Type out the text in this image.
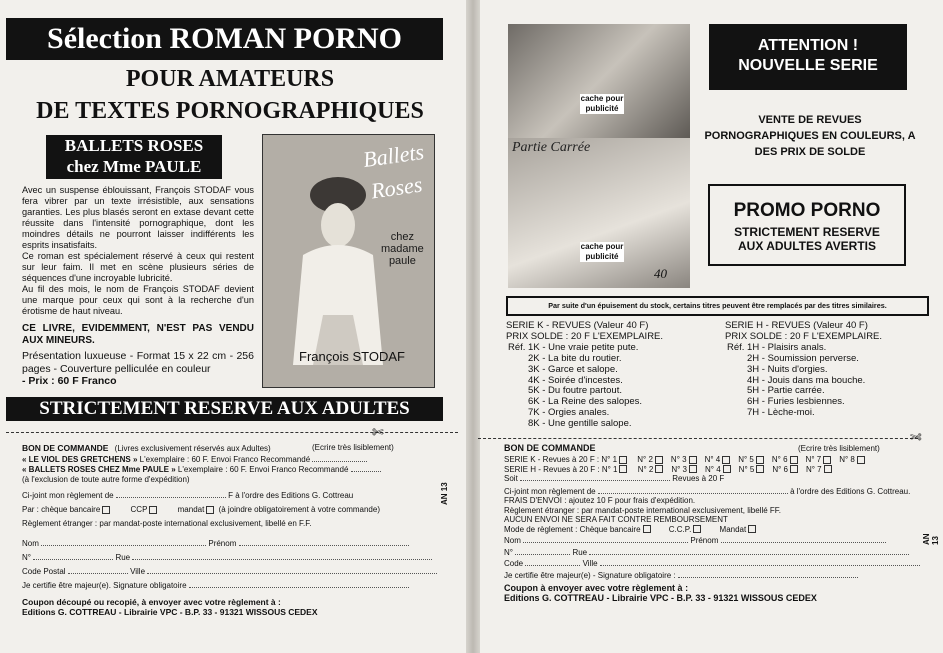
Sélection ROMAN PORNO
POUR AMATEURS
DE TEXTES PORNOGRAPHIQUES
BALLETS ROSES
chez Mme PAULE
Avec un suspense éblouissant, François STODAF vous fera vibrer par un texte irrésistible, aux sensations garanties. Les plus blasés seront en extase devant cette réussite dans l'intensité pornographique, dont les moindres détails ne pourront laisser indifférents les esprits insatisfaits.
Ce roman est spécialement réservé à ceux qui restent sur leur faim. Il met en scène plusieurs séries de séquences d'une incroyable lubricité.
Au fil des mois, le nom de François STODAF devient une marque pour ceux qui sont à la recherche d'un érotisme de haut niveau.
CE LIVRE, EVIDEMMENT, N'EST PAS VENDU AUX MINEURS.
Présentation luxueuse - Format 15 x 22 cm - 256 pages - Couverture pelliculée en couleur
- Prix : 60 F Franco
Ballets
Roses
chez
madame
paule
François STODAF
STRICTEMENT RESERVE AUX ADULTES
✄
BON DE COMMANDE (Livres exclusivement réservés aux Adultes)	(Ecrire très lisiblement)
« LE VIOL DES GRETCHENS » L'exemplaire : 60 F. Envoi Franco Recommandé
« BALLETS ROSES CHEZ Mme PAULE » L'exemplaire : 60 F. Envoi Franco Recommandé
(à l'exclusion de toute autre forme d'expédition)
Ci-joint mon règlement de	F à l'ordre des Editions G. Cottreau
Par : chèque bancaire	CCP	mandat (à joindre obligatoirement à votre commande)
Règlement étranger : par mandat-poste international exclusivement, libellé en F.F.
Nom	Prénom
N°	Rue
Code Postal	Ville
Je certifie être majeur(e). Signature obligatoire
Coupon découpé ou recopié, à envoyer avec votre règlement à :
Editions G. COTTREAU - Librairie VPC - B.P. 33 - 91321 WISSOUS CEDEX
AN 13
cache pour publicité
Partie Carrée
cache pour publicité
40
ATTENTION !
NOUVELLE SERIE
VENTE DE REVUES PORNOGRAPHIQUES EN COULEURS, A DES PRIX DE SOLDE
PROMO PORNO
STRICTEMENT RESERVE
AUX ADULTES AVERTIS
Par suite d'un épuisement du stock, certains titres peuvent être remplacés par des titres similaires.
SERIE K - REVUES (Valeur 40 F)
PRIX SOLDE : 20 F L'EXEMPLAIRE.
Réf. 1K - Une vraie petite pute.
2K - La bite du routier.
3K - Garce et salope.
4K - Soirée d'incestes.
5K - Du foutre partout.
6K - La Reine des salopes.
7K - Orgies anales.
8K - Une gentille salope.
SERIE H - REVUES (Valeur 40 F)
PRIX SOLDE : 20 F L'EXEMPLAIRE.
Réf. 1H - Plaisirs anals.
2H - Soumission perverse.
3H - Nuits d'orgies.
4H - Jouis dans ma bouche.
5H - Partie carrée.
6H - Furies lesbiennes.
7H - Lèche-moi.
✄
BON DE COMMANDE	(Ecrire très lisiblement)
SERIE K - Revues à 20 F : N° 1	N° 2 N° 3 N° 4 N° 5 N° 6 N° 7 N° 8
SERIE H - Revues à 20 F : N° 1	N° 2 N° 3 N° 4 N° 5 N° 6 N° 7
Soit	Revues à 20 F
Ci-joint mon règlement de	à l'ordre des Editions G. Cottreau.
FRAIS D'ENVOI : ajoutez 10 F pour frais d'expédition.
Règlement étranger : par mandat-poste international exclusivement, libellé FF.
AUCUN ENVOI NE SERA FAIT CONTRE REMBOURSEMENT
Mode de règlement : Chèque bancaire	C.C.P.	Mandat
Nom	Prénom
N°	Rue
Code	Ville
Je certifie être majeur(e) - Signature obligatoire :
Coupon à envoyer avec votre règlement à :
Editions G. COTTREAU - Librairie VPC - B.P. 33 - 91321 WISSOUS CEDEX
AN 13
